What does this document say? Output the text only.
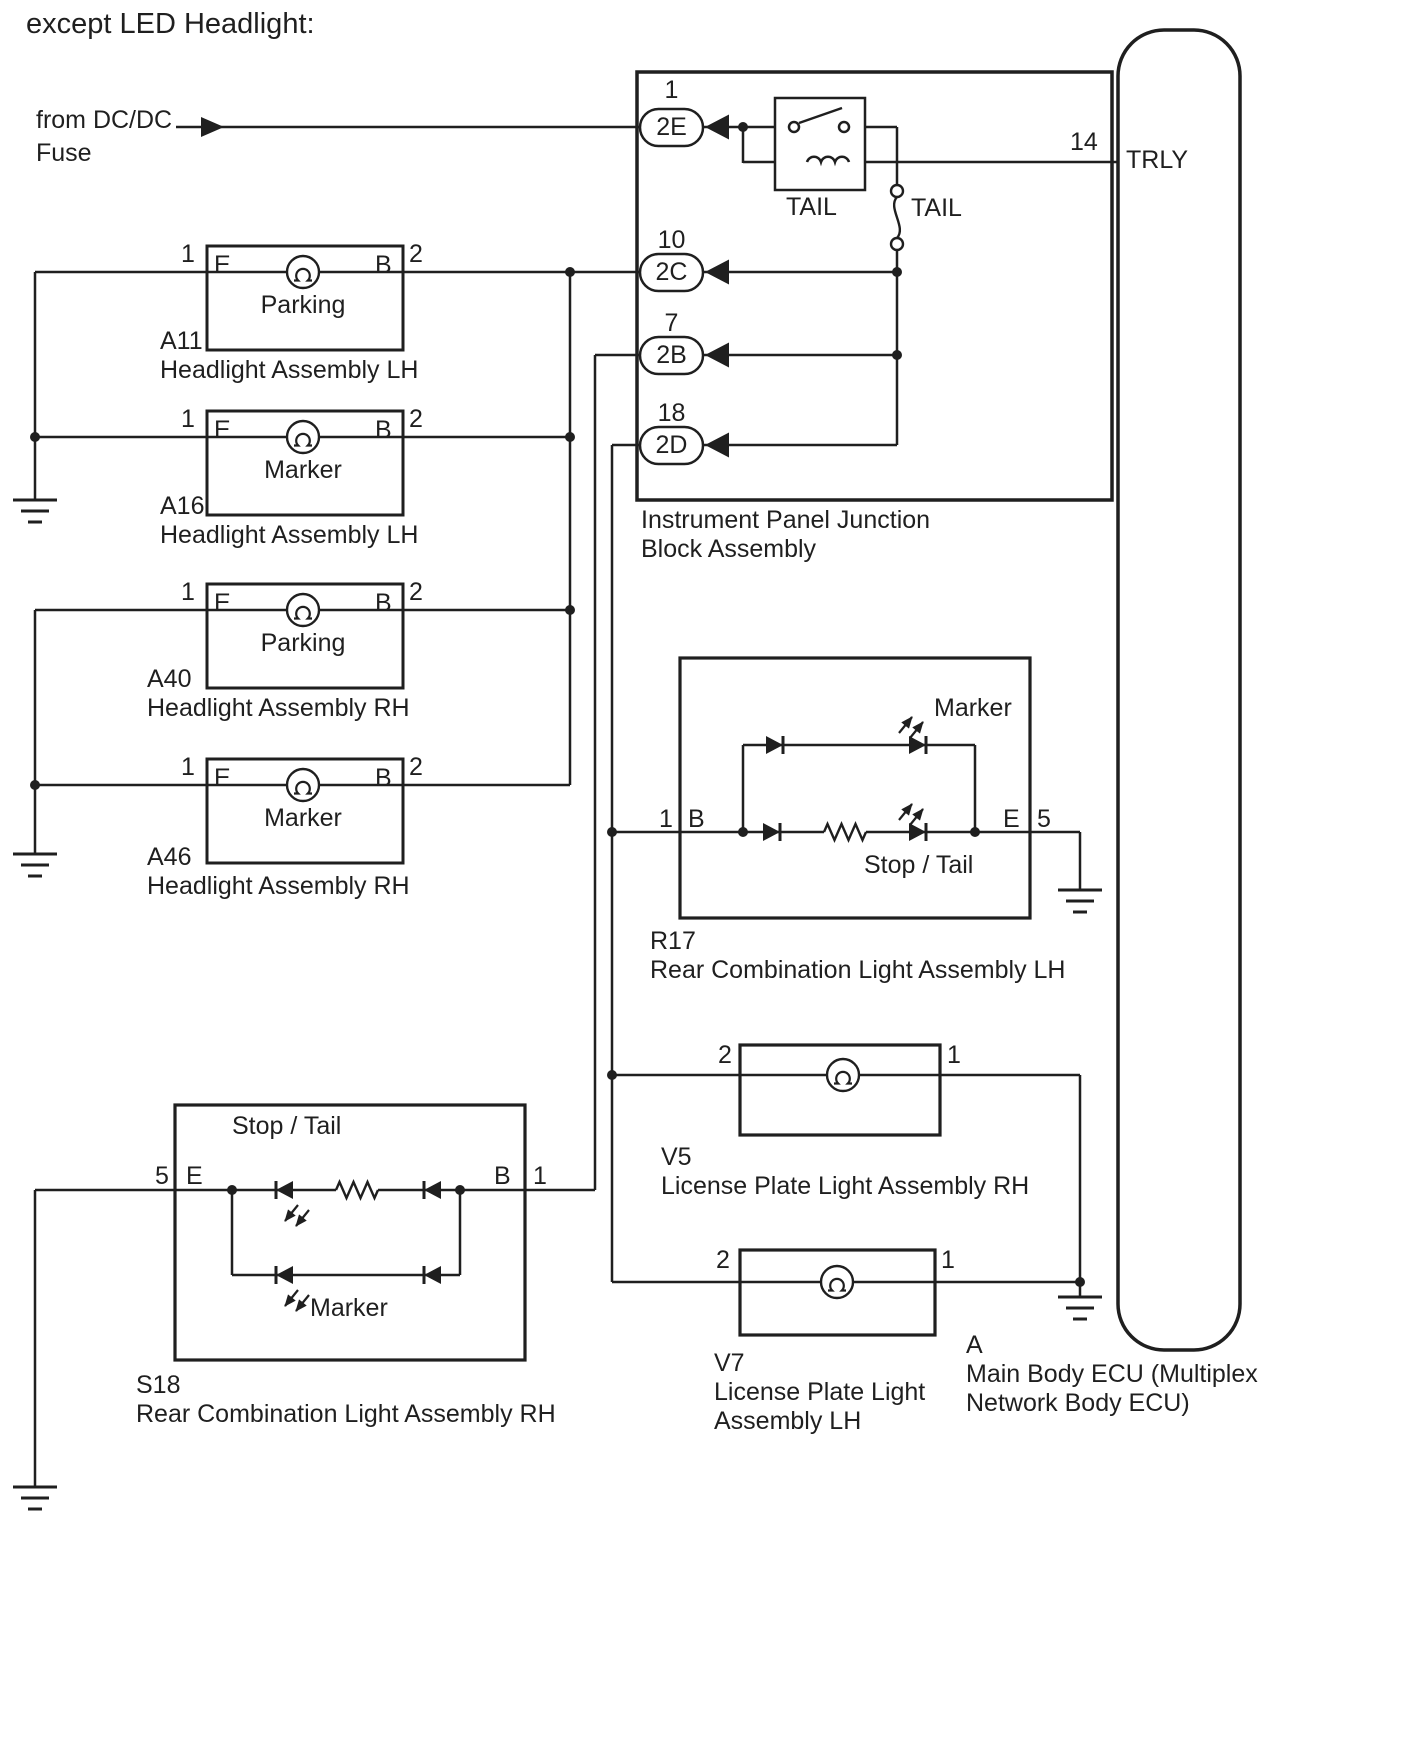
except LED Headlight:
from DC/DC
Fuse
1
2E
10
2C
7
2B
18
2D
TAIL	TAIL
14
TRLY
Instrument Panel Junction
Block Assembly
1 E	B 2
Parking
A11
Headlight Assembly LH
1 E	B 2
Marker
A16
Headlight Assembly LH
1 E	B 2
Parking
A40
Headlight Assembly RH
1 E	B 2
Marker
A46
Headlight Assembly RH
Marker
Stop / Tail
1 B	E 5
R17
Rear Combination Light Assembly LH
2	1
V5
License Plate Light Assembly RH
2	1
V7
License Plate Light
Assembly LH
A
Main Body ECU (Multiplex
Network Body ECU)
Stop / Tail
5 E	B 1
Marker
S18
Rear Combination Light Assembly RH
